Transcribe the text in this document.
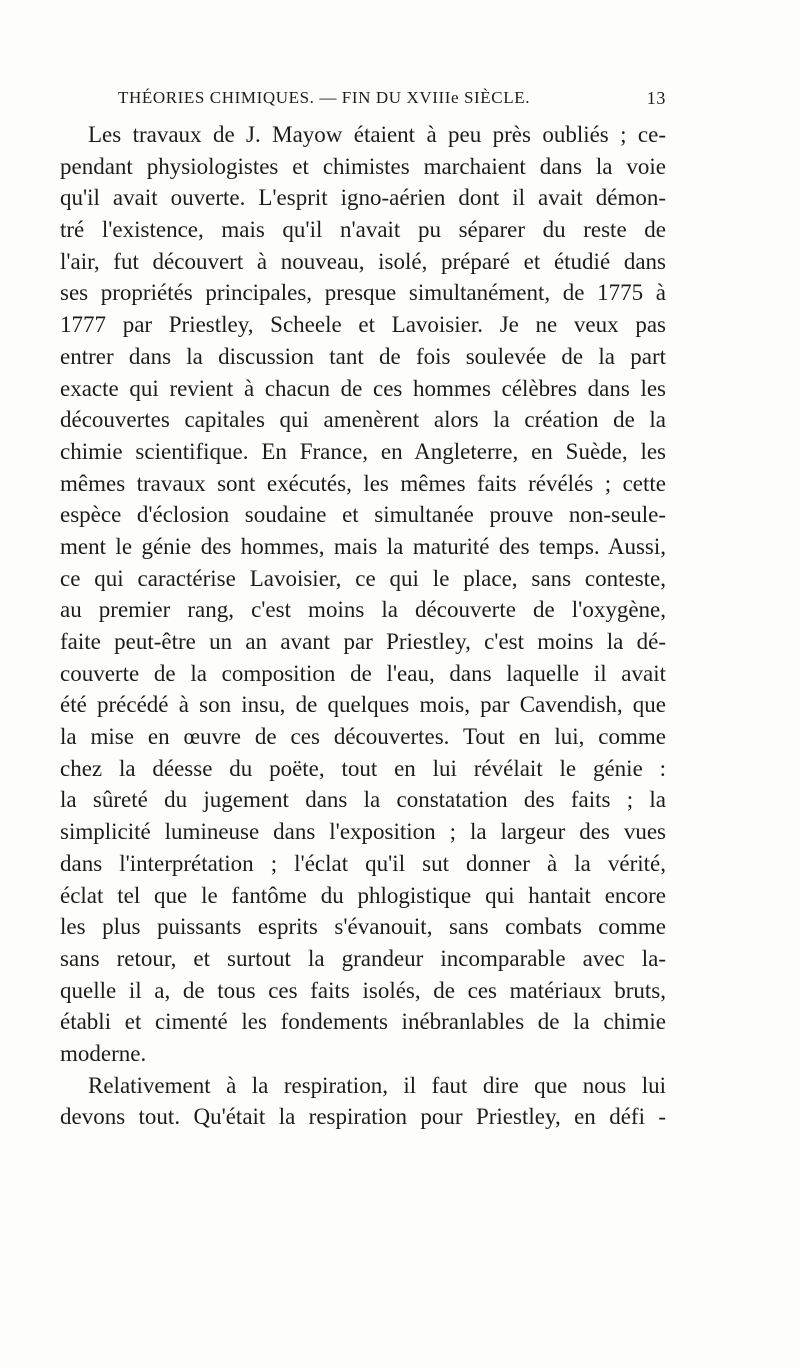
THÉORIES CHIMIQUES. — FIN DU XVIIIe SIÈCLE.	13
Les travaux de J. Mayow étaient à peu près oubliés ; ce-
pendant physiologistes et chimistes marchaient dans la voie
qu'il avait ouverte. L'esprit igno-aérien dont il avait démon-
tré l'existence, mais qu'il n'avait pu séparer du reste de
l'air, fut découvert à nouveau, isolé, préparé et étudié dans
ses propriétés principales, presque simultanément, de 1775 à
1777 par Priestley, Scheele et Lavoisier. Je ne veux pas
entrer dans la discussion tant de fois soulevée de la part
exacte qui revient à chacun de ces hommes célèbres dans les
découvertes capitales qui amenèrent alors la création de la
chimie scientifique. En France, en Angleterre, en Suède, les
mêmes travaux sont exécutés, les mêmes faits révélés ; cette
espèce d'éclosion soudaine et simultanée prouve non-seule-
ment le génie des hommes, mais la maturité des temps. Aussi,
ce qui caractérise Lavoisier, ce qui le place, sans conteste,
au premier rang, c'est moins la découverte de l'oxygène,
faite peut-être un an avant par Priestley, c'est moins la dé-
couverte de la composition de l'eau, dans laquelle il avait
été précédé à son insu, de quelques mois, par Cavendish, que
la mise en œuvre de ces découvertes. Tout en lui, comme
chez la déesse du poëte, tout en lui révélait le génie :
la sûreté du jugement dans la constatation des faits ; la
simplicité lumineuse dans l'exposition ; la largeur des vues
dans l'interprétation ; l'éclat qu'il sut donner à la vérité,
éclat tel que le fantôme du phlogistique qui hantait encore
les plus puissants esprits s'évanouit, sans combats comme
sans retour, et surtout la grandeur incomparable avec la-
quelle il a, de tous ces faits isolés, de ces matériaux bruts,
établi et cimenté les fondements inébranlables de la chimie
moderne.
Relativement à la respiration, il faut dire que nous lui
devons tout. Qu'était la respiration pour Priestley, en défi -
